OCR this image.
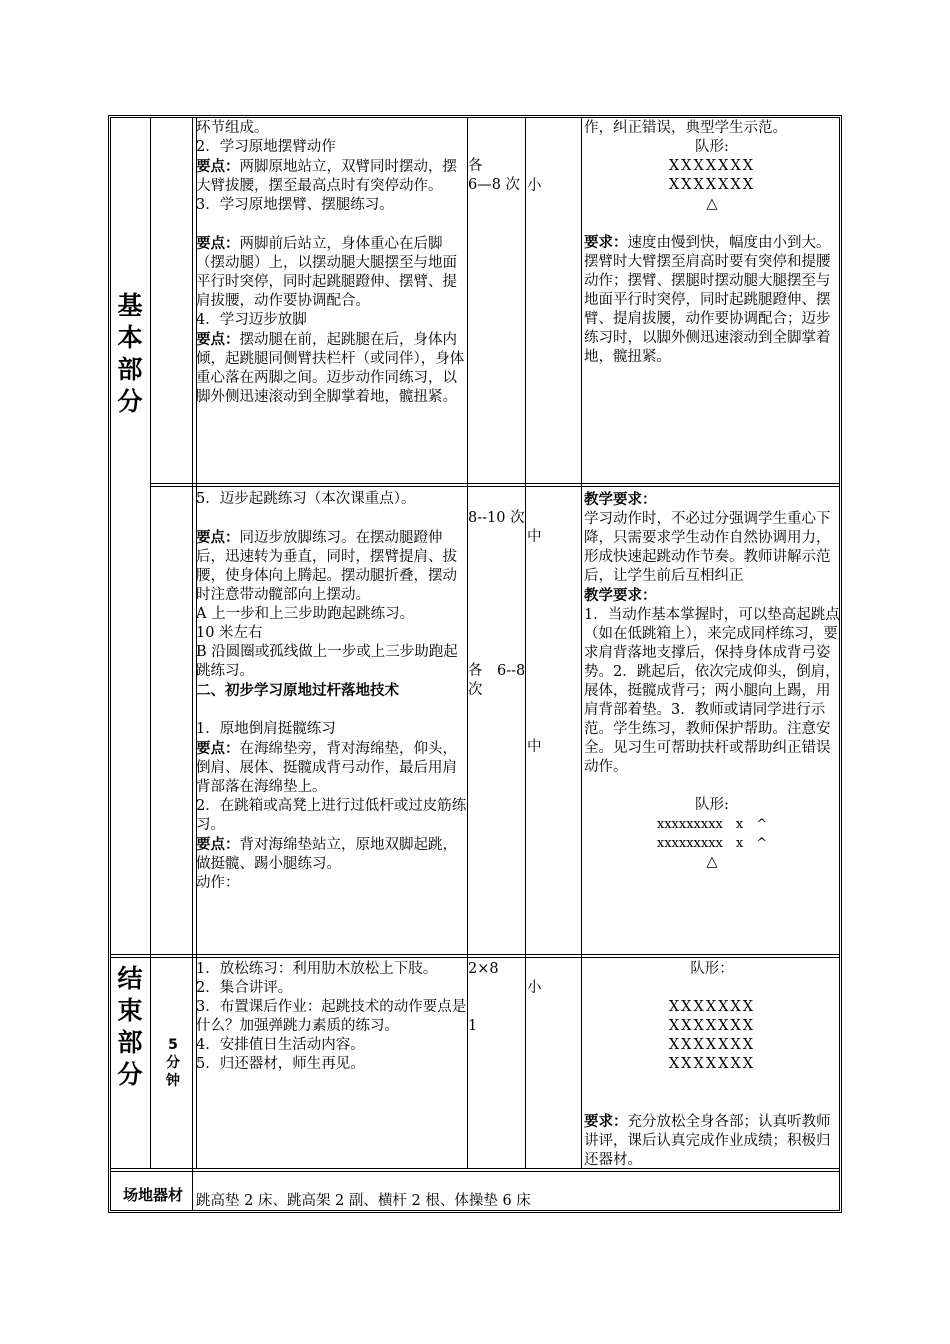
基本部分
结束部分
5分钟
场地器材

环节组成。

2．学习原地摆臂动作

要点：两脚原地站立，双臂同时摆动，摆大臂拔腰，摆至最高点时有突停动作。

3．学习原地摆臂、摆腿练习。

要点：两脚前后站立，身体重心在后脚（摆动腿）上，以摆动腿大腿摆至与地面平行时突停，同时起跳腿蹬伸、摆臂、提肩拔腰，动作要协调配合。

4．学习迈步放脚

要点：摆动腿在前，起跳腿在后，身体内倾，起跳腿同侧臂扶栏杆（或同伴），身体重心落在两脚之间。迈步动作同练习，以脚外侧迅速滚动到全脚掌着地，髋扭紧。

各

6—8 次 小

作，纠正错误，典型学生示范。

队形:

XXXXXXX

XXXXXXX

△

要求：速度由慢到快，幅度由小到大。摆臂时大臂摆至肩高时要有突停和提腰动作；摆臂、摆腿时摆动腿大腿摆至与地面平行时突停，同时起跳腿蹬伸、摆臂、提肩拔腰，动作要协调配合；迈步练习时，以脚外侧迅速滚动到全脚掌着地，髋扭紧。

5．迈步起跳练习（本次课重点）。

要点：同迈步放脚练习。在摆动腿蹬伸后，迅速转为垂直，同时，摆臂提肩、拔腰，使身体向上腾起。摆动腿折叠，摆动时注意带动髋部向上摆动。

A 上一步和上三步助跑起跳练习。

10 米左右

B 沿圆圈或孤线做上一步或上三步助跑起跳练习。

二、初步学习原地过杆落地技术

1．原地倒肩挺髋练习

要点：在海绵垫旁，背对海绵垫，仰头，倒肩、展体、挺髋成背弓动作，最后用肩背部落在海绵垫上。

2．在跳箱或高凳上进行过低杆或过皮筋练习。

要点：背对海绵垫站立，原地双脚起跳，做挺髋、踢小腿练习。

动作：

8--10 次

各　6--8

次

中
中

教学要求：

学习动作时，不必过分强调学生重心下降，只需要求学生动作自然协调用力，形成快速起跳动作节奏。教师讲解示范后，让学生前后互相纠正

教学要求：

1．当动作基本掌握时，可以垫高起跳点（如在低跳箱上），来完成同样练习，要求肩背落地支撑后，保持身体成背弓姿势。2．跳起后，依次完成仰头，倒肩，展体，挺髋成背弓；两小腿向上踢，用肩背部着垫。3．教师或请同学进行示范。学生练习，教师保护帮助。注意安全。见习生可帮助扶杆或帮助纠正错误动作。

队形:

xxxxxxxxx　x　^

xxxxxxxxx　x　^

△

1．放松练习：利用肋木放松上下肢。

2．集合讲评。

3．布置课后作业：起跳技术的动作要点是什么？加强弹跳力素质的练习。

4．安排值日生活动内容。

5．归还器材，师生再见。

2×8
1
小

队形：

XXXXXXX

XXXXXXX

XXXXXXX

XXXXXXX

要求：充分放松全身各部；认真听教师讲评，课后认真完成作业成绩；积极归还器材。

跳高垫 2 床、跳高架 2 副、横杆 2 根、体操垫 6 床
